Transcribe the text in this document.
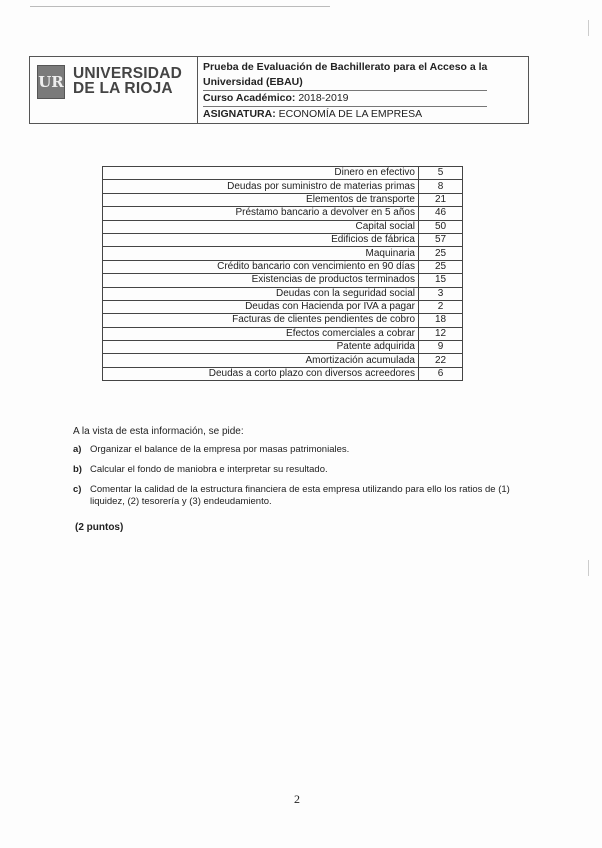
UR UNIVERSIDAD
DE LA RIOJA
Prueba de Evaluación de Bachillerato para el Acceso a la
Universidad (EBAU)
Curso Académico: 2018-2019
ASIGNATURA: ECONOMÍA DE LA EMPRESA
Dinero en efectivo	5
Deudas por suministro de materias primas	8
Elementos de transporte	21
Préstamo bancario a devolver en 5 años	46
Capital social	50
Edificios de fábrica	57
Maquinaria	25
Crédito bancario con vencimiento en 90 días	25
Existencias de productos terminados	15
Deudas con la seguridad social	3
Deudas con Hacienda por IVA a pagar	2
Facturas de clientes pendientes de cobro	18
Efectos comerciales a cobrar	12
Patente adquirida	9
Amortización acumulada	22
Deudas a corto plazo con diversos acreedores	6
A la vista de esta información, se pide:
a) Organizar el balance de la empresa por masas patrimoniales.
b) Calcular el fondo de maniobra e interpretar su resultado.
c) Comentar la calidad de la estructura financiera de esta empresa utilizando para ello los ratios de (1) liquidez, (2) tesorería y (3) endeudamiento.
(2 puntos)
2
